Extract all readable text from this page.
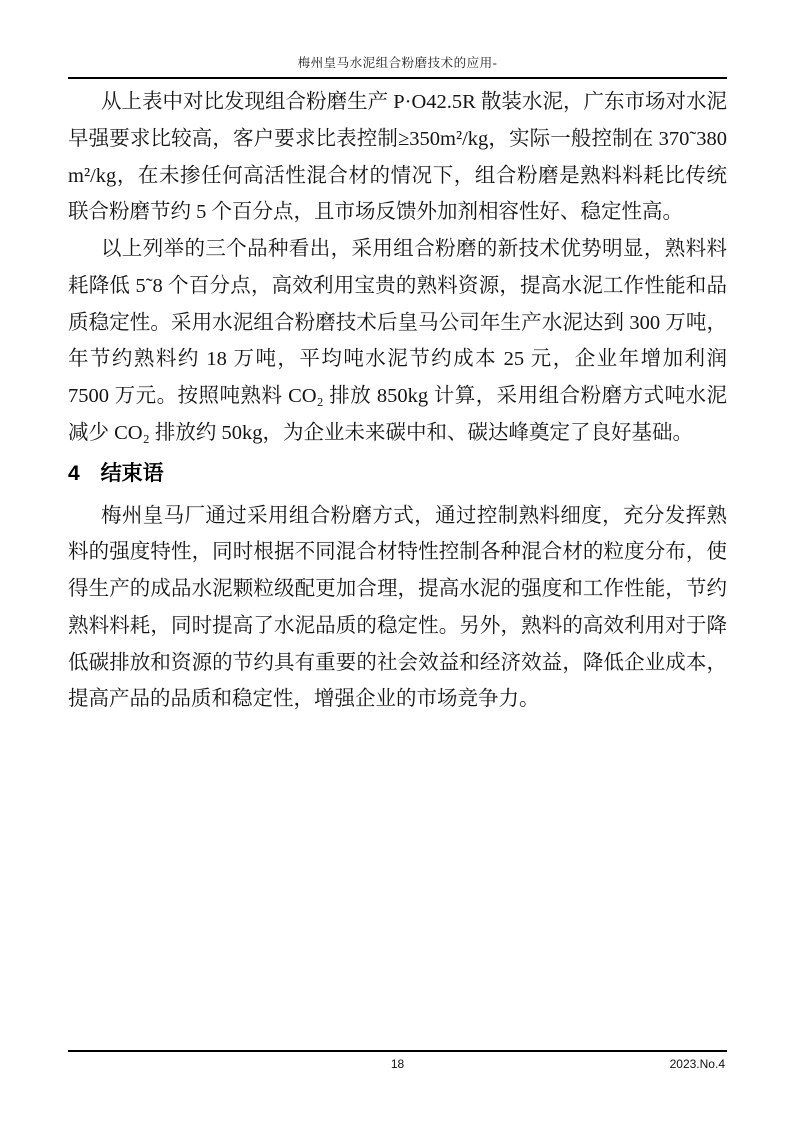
梅州皇马水泥组合粉磨技术的应用-

从上表中对比发现组合粉磨生产 P·O42.5R 散装水泥，广东市场对水泥早强要求比较高，客户要求比表控制≥350m²/kg，实际一般控制在 370˜380 m²/kg，在未掺任何高活性混合材的情况下，组合粉磨是熟料料耗比传统联合粉磨节约 5 个百分点，且市场反馈外加剂相容性好、稳定性高。

以上列举的三个品种看出，采用组合粉磨的新技术优势明显，熟料料耗降低 5˜8 个百分点，高效利用宝贵的熟料资源，提高水泥工作性能和品质稳定性。采用水泥组合粉磨技术后皇马公司年生产水泥达到 300 万吨，年节约熟料约 18 万吨，平均吨水泥节约成本 25 元，企业年增加利润 7500 万元。按照吨熟料 CO₂ 排放 850kg 计算，采用组合粉磨方式吨水泥减少 CO₂ 排放约 50kg，为企业未来碳中和、碳达峰奠定了良好基础。

4　结束语

梅州皇马厂通过采用组合粉磨方式，通过控制熟料细度，充分发挥熟料的强度特性，同时根据不同混合材特性控制各种混合材的粒度分布，使得生产的成品水泥颗粒级配更加合理，提高水泥的强度和工作性能，节约熟料料耗，同时提高了水泥品质的稳定性。另外，熟料的高效利用对于降低碳排放和资源的节约具有重要的社会效益和经济效益，降低企业成本，提高产品的品质和稳定性，增强企业的市场竞争力。

18	2023.No.4
